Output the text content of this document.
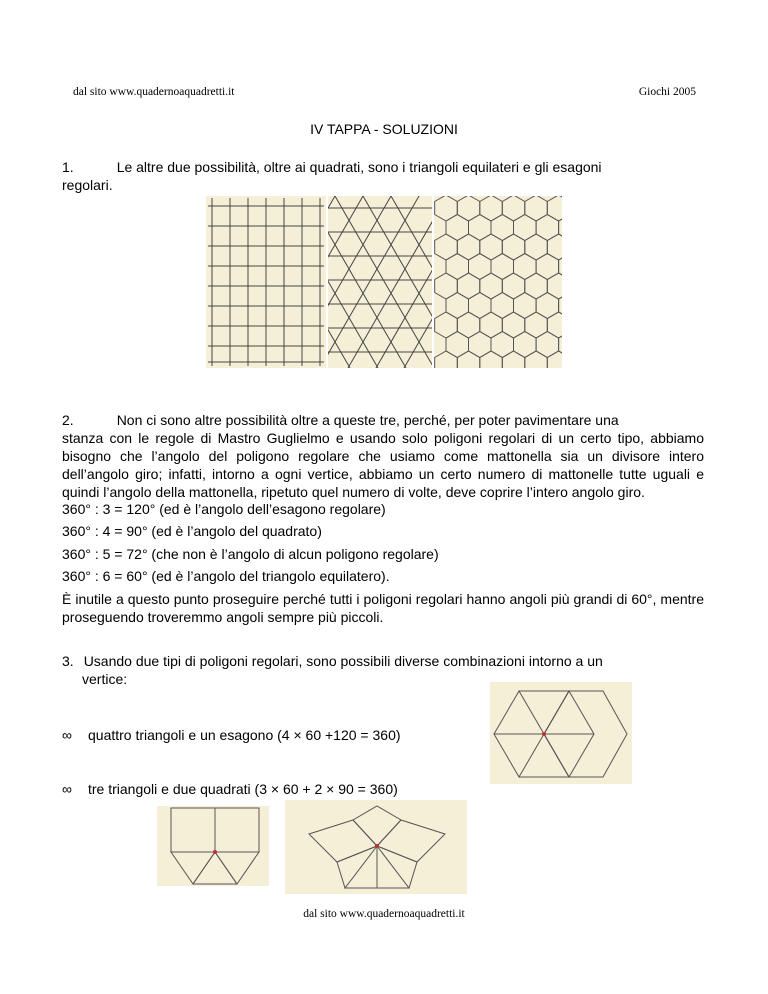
dal sito www.quadernoaquadretti.it	Giochi 2005
IV TAPPA - SOLUZIONI
1.	Le altre due possibilità, oltre ai quadrati, sono i triangoli equilateri e gli esagoni
regolari.
2.	Non ci sono altre possibilità oltre a queste tre, perché, per poter pavimentare una
stanza con le regole di Mastro Guglielmo e usando solo poligoni regolari di un certo tipo, abbiamo bisogno che l’angolo del poligono regolare che usiamo come mattonella sia un divisore intero dell’angolo giro; infatti, intorno a ogni vertice, abbiamo un certo numero di mattonelle tutte uguali e quindi l’angolo della mattonella, ripetuto quel numero di volte, deve coprire l’intero angolo giro.
360° : 3 = 120° (ed è l’angolo dell’esagono regolare)
360° : 4 = 90° (ed è l’angolo del quadrato)
360° : 5 = 72° (che non è l’angolo di alcun poligono regolare)
360° : 6 = 60° (ed è l’angolo del triangolo equilatero).
È inutile a questo punto proseguire perché tutti i poligoni regolari hanno angoli più grandi di 60°, mentre proseguendo troveremmo angoli sempre più piccoli.
3. Usando due tipi di poligoni regolari, sono possibili diverse combinazioni intorno a un
vertice:
∞ quattro triangoli e un esagono (4 × 60 +120 = 360)
∞ tre triangoli e due quadrati (3 × 60 + 2 × 90 = 360)
dal sito www.quadernoaquadretti.it
